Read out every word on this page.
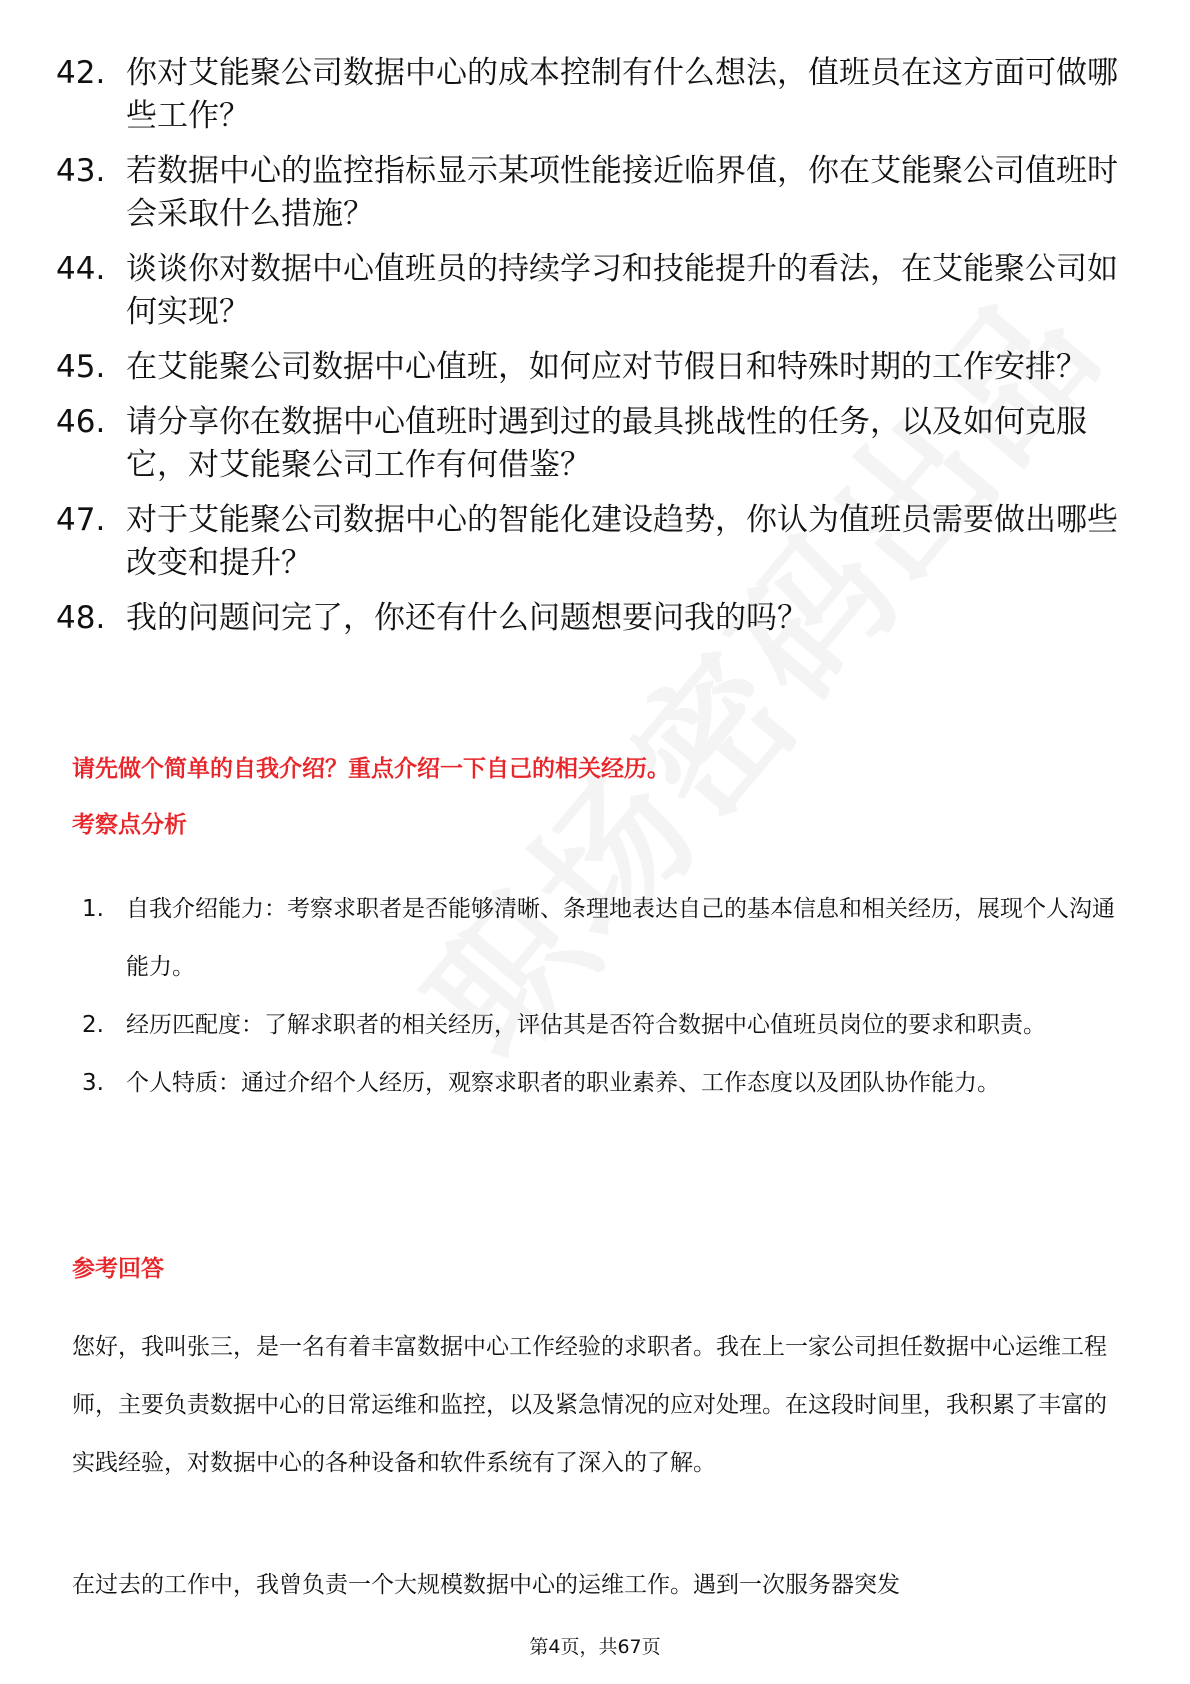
42. 你对艾能聚公司数据中心的成本控制有什么想法，值班员在这方面可做哪些工作？
43. 若数据中心的监控指标显示某项性能接近临界值，你在艾能聚公司值班时会采取什么措施？
44. 谈谈你对数据中心值班员的持续学习和技能提升的看法，在艾能聚公司如何实现？
45. 在艾能聚公司数据中心值班，如何应对节假日和特殊时期的工作安排？
46. 请分享你在数据中心值班时遇到过的最具挑战性的任务，以及如何克服它，对艾能聚公司工作有何借鉴？
47. 对于艾能聚公司数据中心的智能化建设趋势，你认为值班员需要做出哪些改变和提升？
48. 我的问题问完了，你还有什么问题想要问我的吗？
请先做个简单的自我介绍？重点介绍一下自己的相关经历。
考察点分析
1. 自我介绍能力：考察求职者是否能够清晰、条理地表达自己的基本信息和相关经历，展现个人沟通能力。
2. 经历匹配度：了解求职者的相关经历，评估其是否符合数据中心值班员岗位的要求和职责。
3. 个人特质：通过介绍个人经历，观察求职者的职业素养、工作态度以及团队协作能力。
参考回答
您好，我叫张三，是一名有着丰富数据中心工作经验的求职者。我在上一家公司担任数据中心运维工程师，主要负责数据中心的日常运维和监控，以及紧急情况的应对处理。在这段时间里，我积累了丰富的实践经验，对数据中心的各种设备和软件系统有了深入的了解。
在过去的工作中，我曾负责一个大规模数据中心的运维工作。遇到一次服务器突发
第4页，共67页
